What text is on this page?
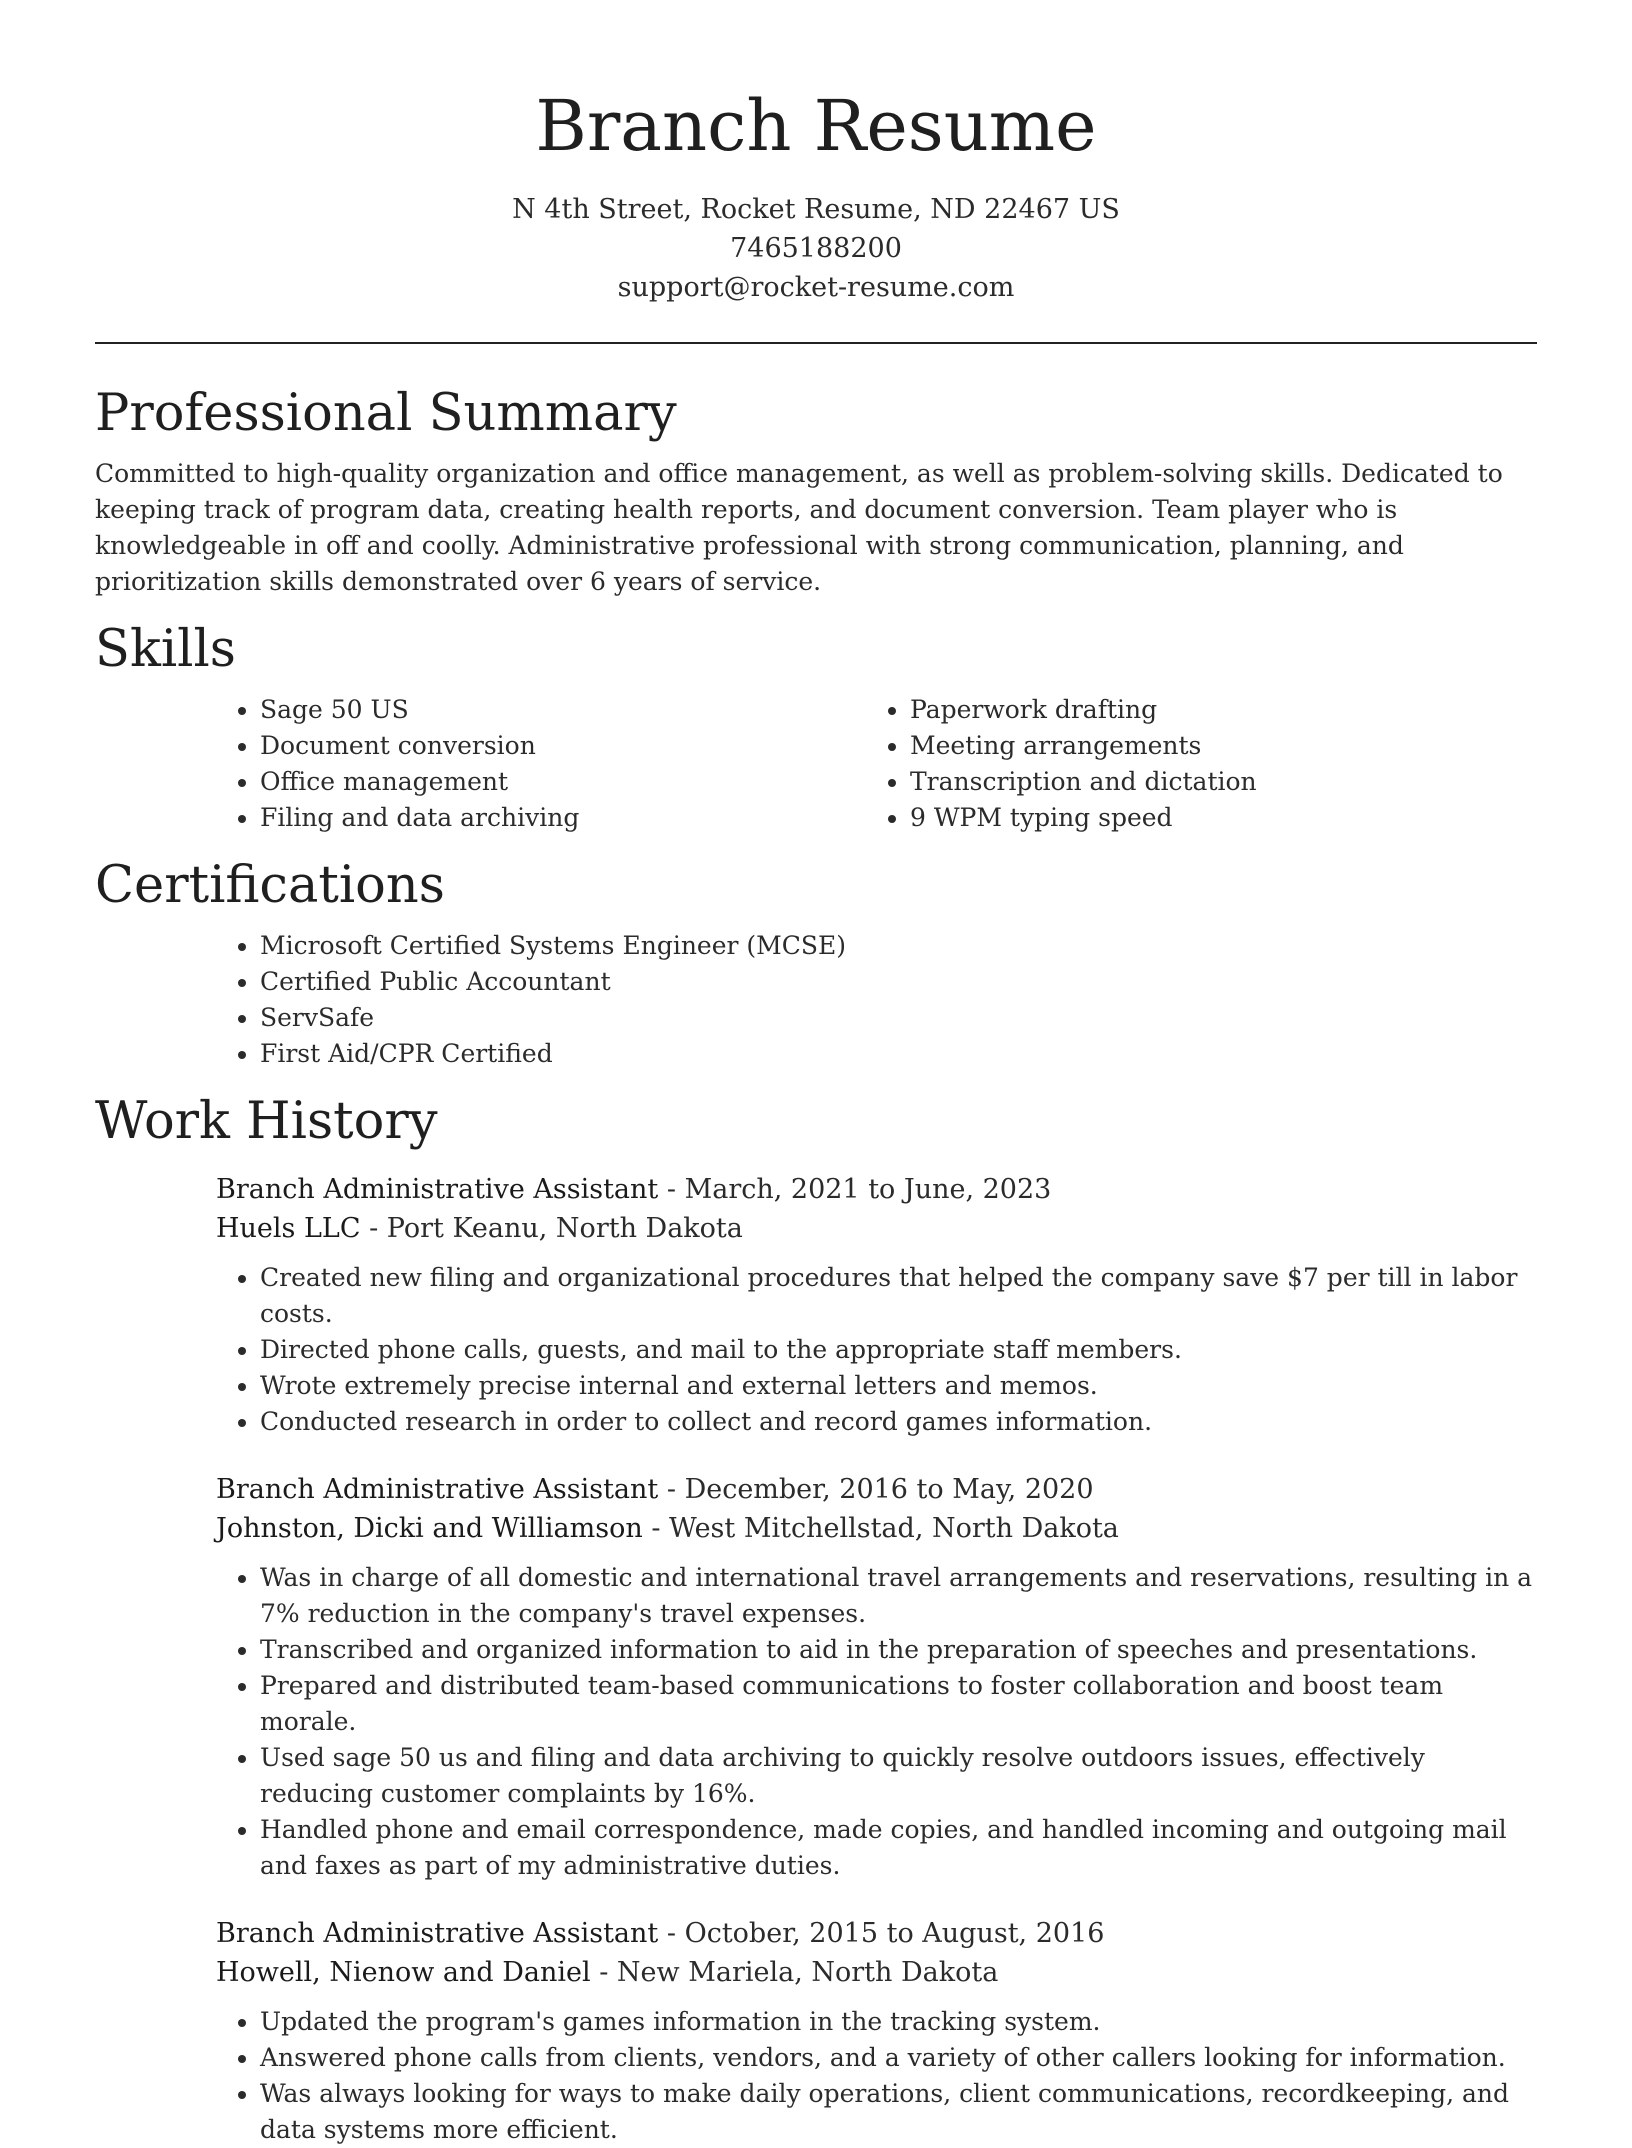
Branch Resume
N 4th Street, Rocket Resume, ND 22467 US
7465188200
support@rocket-resume.com
Professional Summary

Committed to high-quality organization and office management, as well as problem-solving skills. Dedicated to keeping track of program data, creating health reports, and document conversion. Team player who is knowledgeable in off and coolly. Administrative professional with strong communication, planning, and prioritization skills demonstrated over 6 years of service.

Skills
• Sage 50 US
• Document conversion
• Office management
• Filing and data archiving
• Paperwork drafting
• Meeting arrangements
• Transcription and dictation
• 9 WPM typing speed
Certifications
• Microsoft Certified Systems Engineer (MCSE)
• Certified Public Accountant
• ServSafe
• First Aid/CPR Certified
Work History
Branch Administrative Assistant - March, 2021 to June, 2023
Huels LLC - Port Keanu, North Dakota
• Created new filing and organizational procedures that helped the company save $7 per till in labor costs.
• Directed phone calls, guests, and mail to the appropriate staff members.
• Wrote extremely precise internal and external letters and memos.
• Conducted research in order to collect and record games information.
Branch Administrative Assistant - December, 2016 to May, 2020
Johnston, Dicki and Williamson - West Mitchellstad, North Dakota
• Was in charge of all domestic and international travel arrangements and reservations, resulting in a 7% reduction in the company's travel expenses.
• Transcribed and organized information to aid in the preparation of speeches and presentations.
• Prepared and distributed team-based communications to foster collaboration and boost team morale.
• Used sage 50 us and filing and data archiving to quickly resolve outdoors issues, effectively reducing customer complaints by 16%.
• Handled phone and email correspondence, made copies, and handled incoming and outgoing mail and faxes as part of my administrative duties.
Branch Administrative Assistant - October, 2015 to August, 2016
Howell, Nienow and Daniel - New Mariela, North Dakota
• Updated the program's games information in the tracking system.
• Answered phone calls from clients, vendors, and a variety of other callers looking for information.
• Was always looking for ways to make daily operations, client communications, recordkeeping, and data systems more efficient.
